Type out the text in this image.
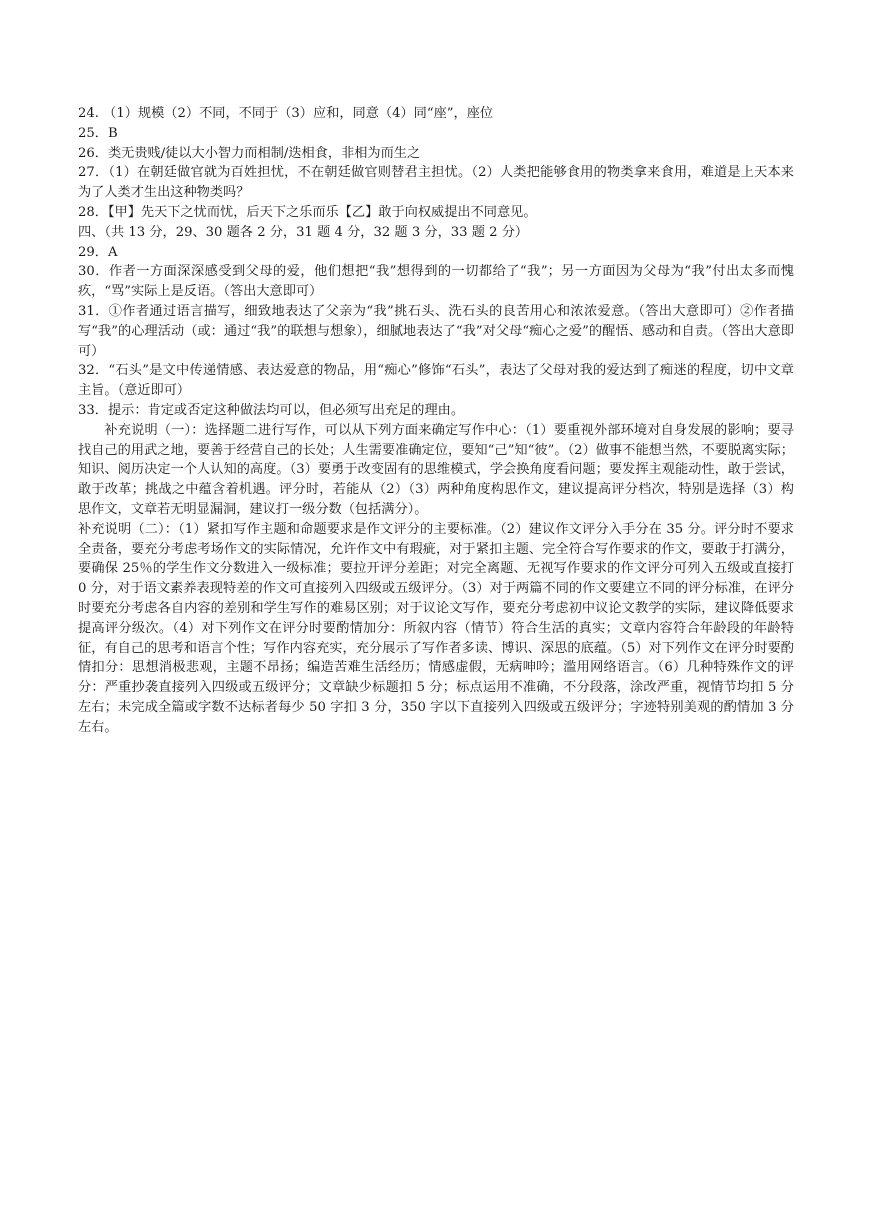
24. （1）规模（2）不同，不同于（3）应和，同意（4）同“座”，座位

25．B

26．类无贵贱/徒以大小智力而相制/迭相食，非相为而生之

27．（1）在朝廷做官就为百姓担忧，不在朝廷做官则替君主担忧。（2）人类把能够食用的物类拿来食用，难道是上天本来为了人类才生出这种物类吗？

28．【甲】先天下之忧而忧，后天下之乐而乐【乙】敢于向权威提出不同意见。

四、（共 13 分，29、30 题各 2 分，31 题 4 分，32 题 3 分，33 题 2 分）

29．A

30．作者一方面深深感受到父母的爱，他们想把“我”想得到的一切都给了“我”；另一方面因为父母为“我”付出太多而愧疚，“骂”实际上是反语。（答出大意即可）

31．①作者通过语言描写，细致地表达了父亲为“我”挑石头、洗石头的良苦用心和浓浓爱意。（答出大意即可）②作者描写“我”的心理活动（或：通过“我”的联想与想象），细腻地表达了“我”对父母“痴心之爱”的醒悟、感动和自责。（答出大意即可）

32．“石头”是文中传递情感、表达爱意的物品，用“痴心”修饰“石头”，表达了父母对我的爱达到了痴迷的程度，切中文章主旨。（意近即可）

33．提示：肯定或否定这种做法均可以，但必须写出充足的理由。

补充说明（一）：选择题二进行写作，可以从下列方面来确定写作中心：（1）要重视外部环境对自身发展的影响；要寻找自己的用武之地，要善于经营自己的长处；人生需要准确定位，要知“己”知“彼”。（2）做事不能想当然，不要脱离实际；知识、阅历决定一个人认知的高度。（3）要勇于改变固有的思维模式，学会换角度看问题；要发挥主观能动性，敢于尝试，敢于改革；挑战之中蕴含着机遇。评分时，若能从（2）（3）两种角度构思作文，建议提高评分档次，特别是选择（3）构思作文，文章若无明显漏洞，建议打一级分数（包括满分）。

补充说明（二）：（1）紧扣写作主题和命题要求是作文评分的主要标准。（2）建议作文评分入手分在 35 分。评分时不要求全责备，要充分考虑考场作文的实际情况，允许作文中有瑕疵，对于紧扣主题、完全符合写作要求的作文，要敢于打满分，要确保 25％的学生作文分数进入一级标准；要拉开评分差距；对完全离题、无视写作要求的作文评分可列入五级或直接打 0 分，对于语文素养表现特差的作文可直接列入四级或五级评分。（3）对于两篇不同的作文要建立不同的评分标准，在评分时要充分考虑各自内容的差别和学生写作的难易区别；对于议论文写作，要充分考虑初中议论文教学的实际，建议降低要求提高评分级次。（4）对下列作文在评分时要酌情加分：所叙内容（情节）符合生活的真实；文章内容符合年龄段的年龄特征，有自己的思考和语言个性；写作内容充实，充分展示了写作者多读、博识、深思的底蕴。（5）对下列作文在评分时要酌情扣分：思想消极悲观，主题不昂扬；编造苦难生活经历；情感虚假，无病呻吟；滥用网络语言。（6）几种特殊作文的评分：严重抄袭直接列入四级或五级评分；文章缺少标题扣 5 分；标点运用不准确，不分段落，涂改严重，视情节均扣 5 分左右；未完成全篇或字数不达标者每少 50 字扣 3 分，350 字以下直接列入四级或五级评分；字迹特别美观的酌情加 3 分左右。
